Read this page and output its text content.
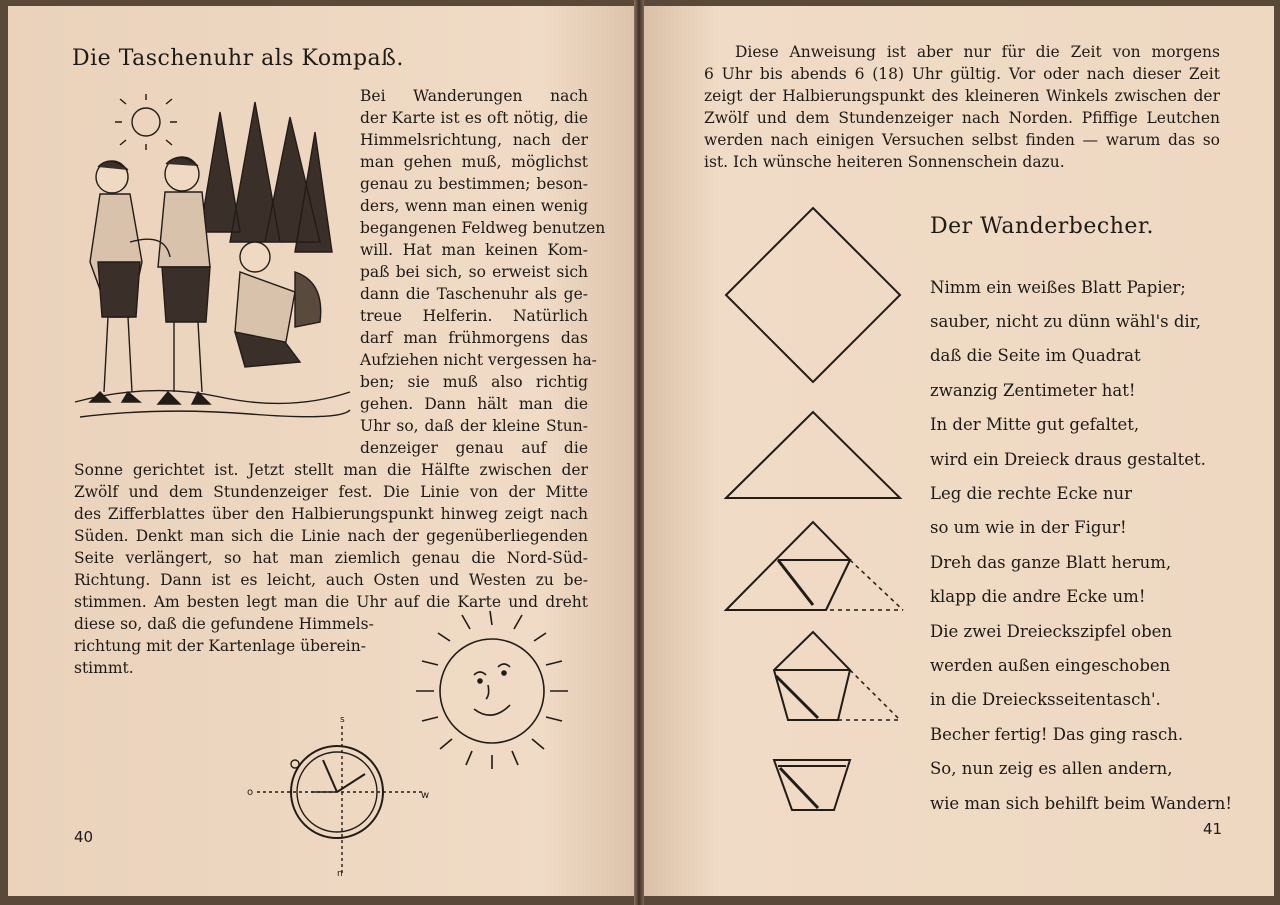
Die Taschenuhr als Kompaß.
Bei Wanderungen nach
der Karte ist es oft nötig, die
Himmelsrichtung, nach der
man gehen muß, möglichst
genau zu bestimmen; beson-
ders, wenn man einen wenig
begangenen Feldweg benutzen
will. Hat man keinen Kom-
paß bei sich, so erweist sich
dann die Taschenuhr als ge-
treue Helferin. Natürlich
darf man frühmorgens das
Aufziehen nicht vergessen ha-
ben; sie muß also richtig
gehen. Dann hält man die
Uhr so, daß der kleine Stun-
denzeiger genau auf die
Sonne gerichtet ist. Jetzt stellt man die Hälfte zwischen der
Zwölf und dem Stundenzeiger fest. Die Linie von der Mitte
des Zifferblattes über den Halbierungspunkt hinweg zeigt nach
Süden. Denkt man sich die Linie nach der gegenüberliegenden
Seite verlängert, so hat man ziemlich genau die Nord-Süd-
Richtung. Dann ist es leicht, auch Osten und Westen zu be-
stimmen. Am besten legt man die Uhr auf die Karte und dreht
diese so, daß die gefundene Himmels-
richtung mit der Kartenlage überein-
stimmt.
s
n
o	w
40
Diese Anweisung ist aber nur für die Zeit von morgens
6 Uhr bis abends 6 (18) Uhr gültig. Vor oder nach dieser Zeit
zeigt der Halbierungspunkt des kleineren Winkels zwischen der
Zwölf und dem Stundenzeiger nach Norden. Pfiffige Leutchen
werden nach einigen Versuchen selbst finden — warum das so
ist. Ich wünsche heiteren Sonnenschein dazu.
Der Wanderbecher.
Nimm ein weißes Blatt Papier;
sauber, nicht zu dünn wähl's dir,
daß die Seite im Quadrat
zwanzig Zentimeter hat!
In der Mitte gut gefaltet,
wird ein Dreieck draus gestaltet.
Leg die rechte Ecke nur
so um wie in der Figur!
Dreh das ganze Blatt herum,
klapp die andre Ecke um!
Die zwei Dreieckszipfel oben
werden außen eingeschoben
in die Dreiecksseitentasch'.
Becher fertig! Das ging rasch.
So, nun zeig es allen andern,
wie man sich behilft beim Wandern!
41
